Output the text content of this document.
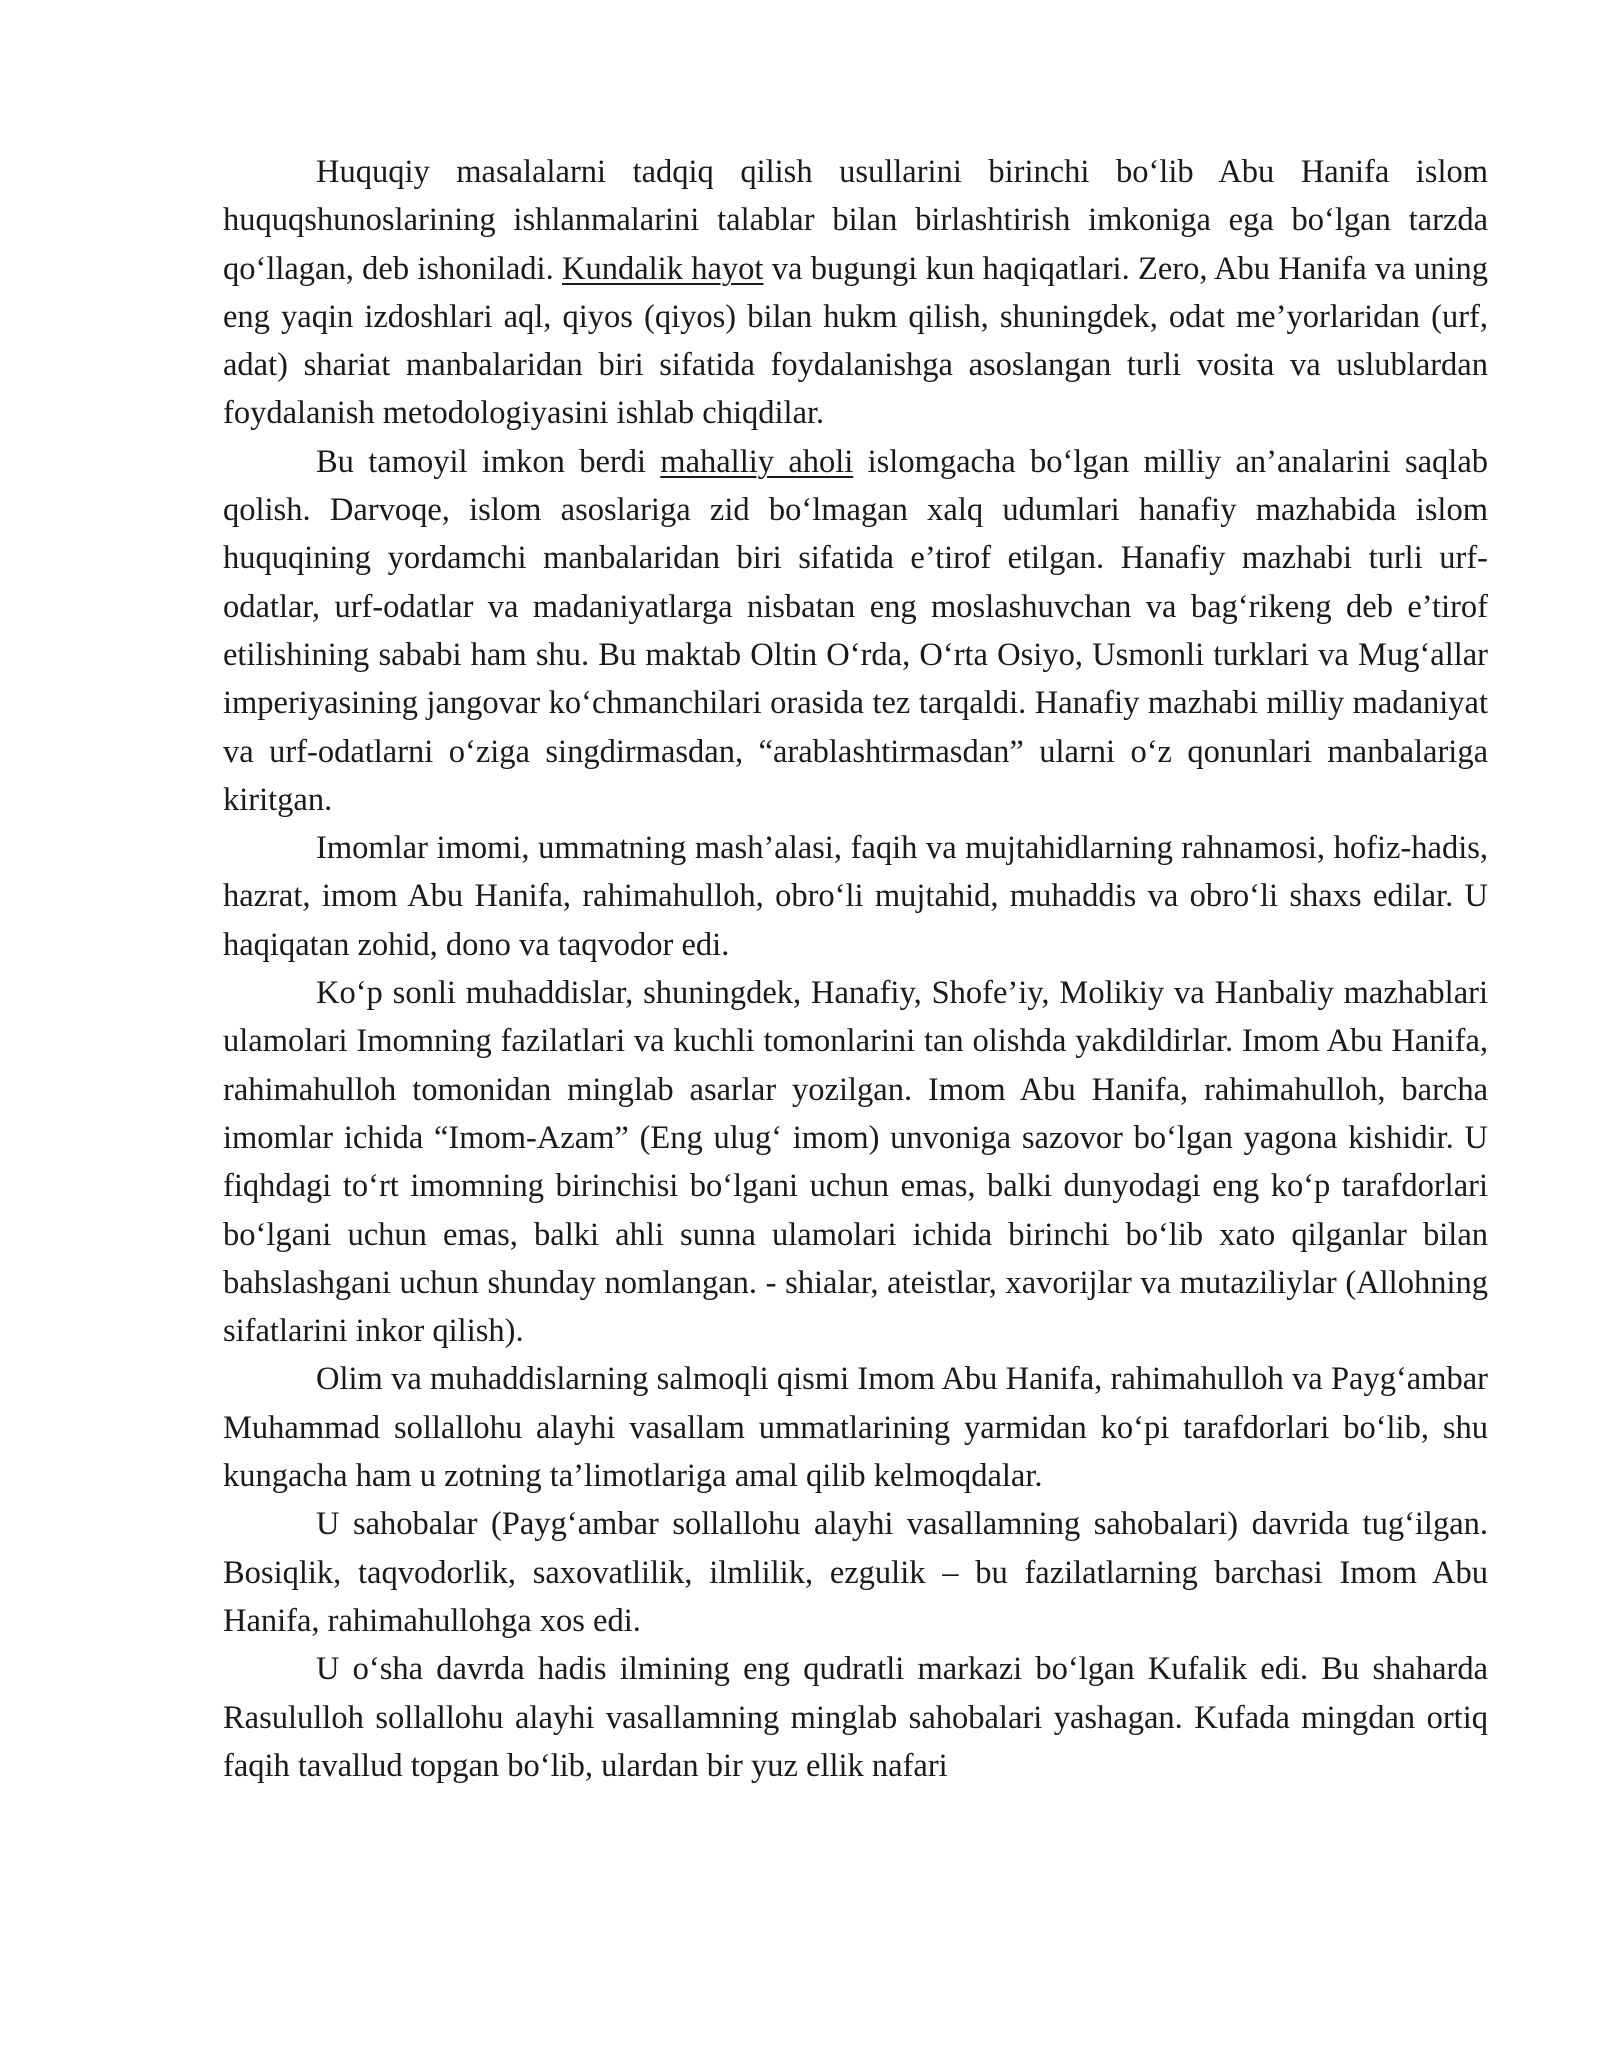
Huquqiy masalalarni tadqiq qilish usullarini birinchi boʻlib Abu Hanifa islom huquqshunoslarining ishlanmalarini talablar bilan birlashtirish imkoniga ega boʻlgan tarzda qoʻllagan, deb ishoniladi. Kundalik hayot va bugungi kun haqiqatlari. Zero, Abu Hanifa va uning eng yaqin izdoshlari aql, qiyos (qiyos) bilan hukm qilish, shuningdek, odat me’yorlaridan (urf, adat) shariat manbalaridan biri sifatida foydalanishga asoslangan turli vosita va uslublardan foydalanish metodologiyasini ishlab chiqdilar.

Bu tamoyil imkon berdi mahalliy aholi islomgacha boʻlgan milliy an’analarini saqlab qolish. Darvoqe, islom asoslariga zid boʻlmagan xalq udumlari hanafiy mazhabida islom huquqining yordamchi manbalaridan biri sifatida e’tirof etilgan. Hanafiy mazhabi turli urf-odatlar, urf-odatlar va madaniyatlarga nisbatan eng moslashuvchan va bagʻrikeng deb e’tirof etilishining sababi ham shu. Bu maktab Oltin Oʻrda, Oʻrta Osiyo, Usmonli turklari va Mugʻallar imperiyasining jangovar koʻchmanchilari orasida tez tarqaldi. Hanafiy mazhabi milliy madaniyat va urf-odatlarni oʻziga singdirmasdan, “arablashtirmasdan” ularni oʻz qonunlari manbalariga kiritgan.

Imomlar imomi, ummatning mash’alasi, faqih va mujtahidlarning rahnamosi, hofiz-hadis, hazrat, imom Abu Hanifa, rahimahulloh, obroʻli mujtahid, muhaddis va obroʻli shaxs edilar. U haqiqatan zohid, dono va taqvodor edi.

Koʻp sonli muhaddislar, shuningdek, Hanafiy, Shofe’iy, Molikiy va Hanbaliy mazhablari ulamolari Imomning fazilatlari va kuchli tomonlarini tan olishda yakdildirlar. Imom Abu Hanifa, rahimahulloh tomonidan minglab asarlar yozilgan. Imom Abu Hanifa, rahimahulloh, barcha imomlar ichida “Imom-Azam” (Eng ulugʻ imom) unvoniga sazovor boʻlgan yagona kishidir. U fiqhdagi toʻrt imomning birinchisi boʻlgani uchun emas, balki dunyodagi eng koʻp tarafdorlari boʻlgani uchun emas, balki ahli sunna ulamolari ichida birinchi boʻlib xato qilganlar bilan bahslashgani uchun shunday nomlangan. - shialar, ateistlar, xavorijlar va mutaziliylar (Allohning sifatlarini inkor qilish).

Olim va muhaddislarning salmoqli qismi Imom Abu Hanifa, rahimahulloh va Paygʻambar Muhammad sollallohu alayhi vasallam ummatlarining yarmidan koʻpi tarafdorlari boʻlib, shu kungacha ham u zotning ta’limotlariga amal qilib kelmoqdalar.

U sahobalar (Paygʻambar sollallohu alayhi vasallamning sahobalari) davrida tugʻilgan. Bosiqlik, taqvodorlik, saxovatlilik, ilmlilik, ezgulik – bu fazilatlarning barchasi Imom Abu Hanifa, rahimahullohga xos edi.

U oʻsha davrda hadis ilmining eng qudratli markazi boʻlgan Kufalik edi. Bu shaharda Rasululloh sollallohu alayhi vasallamning minglab sahobalari yashagan. Kufada mingdan ortiq faqih tavallud topgan boʻlib, ulardan bir yuz ellik nafari
